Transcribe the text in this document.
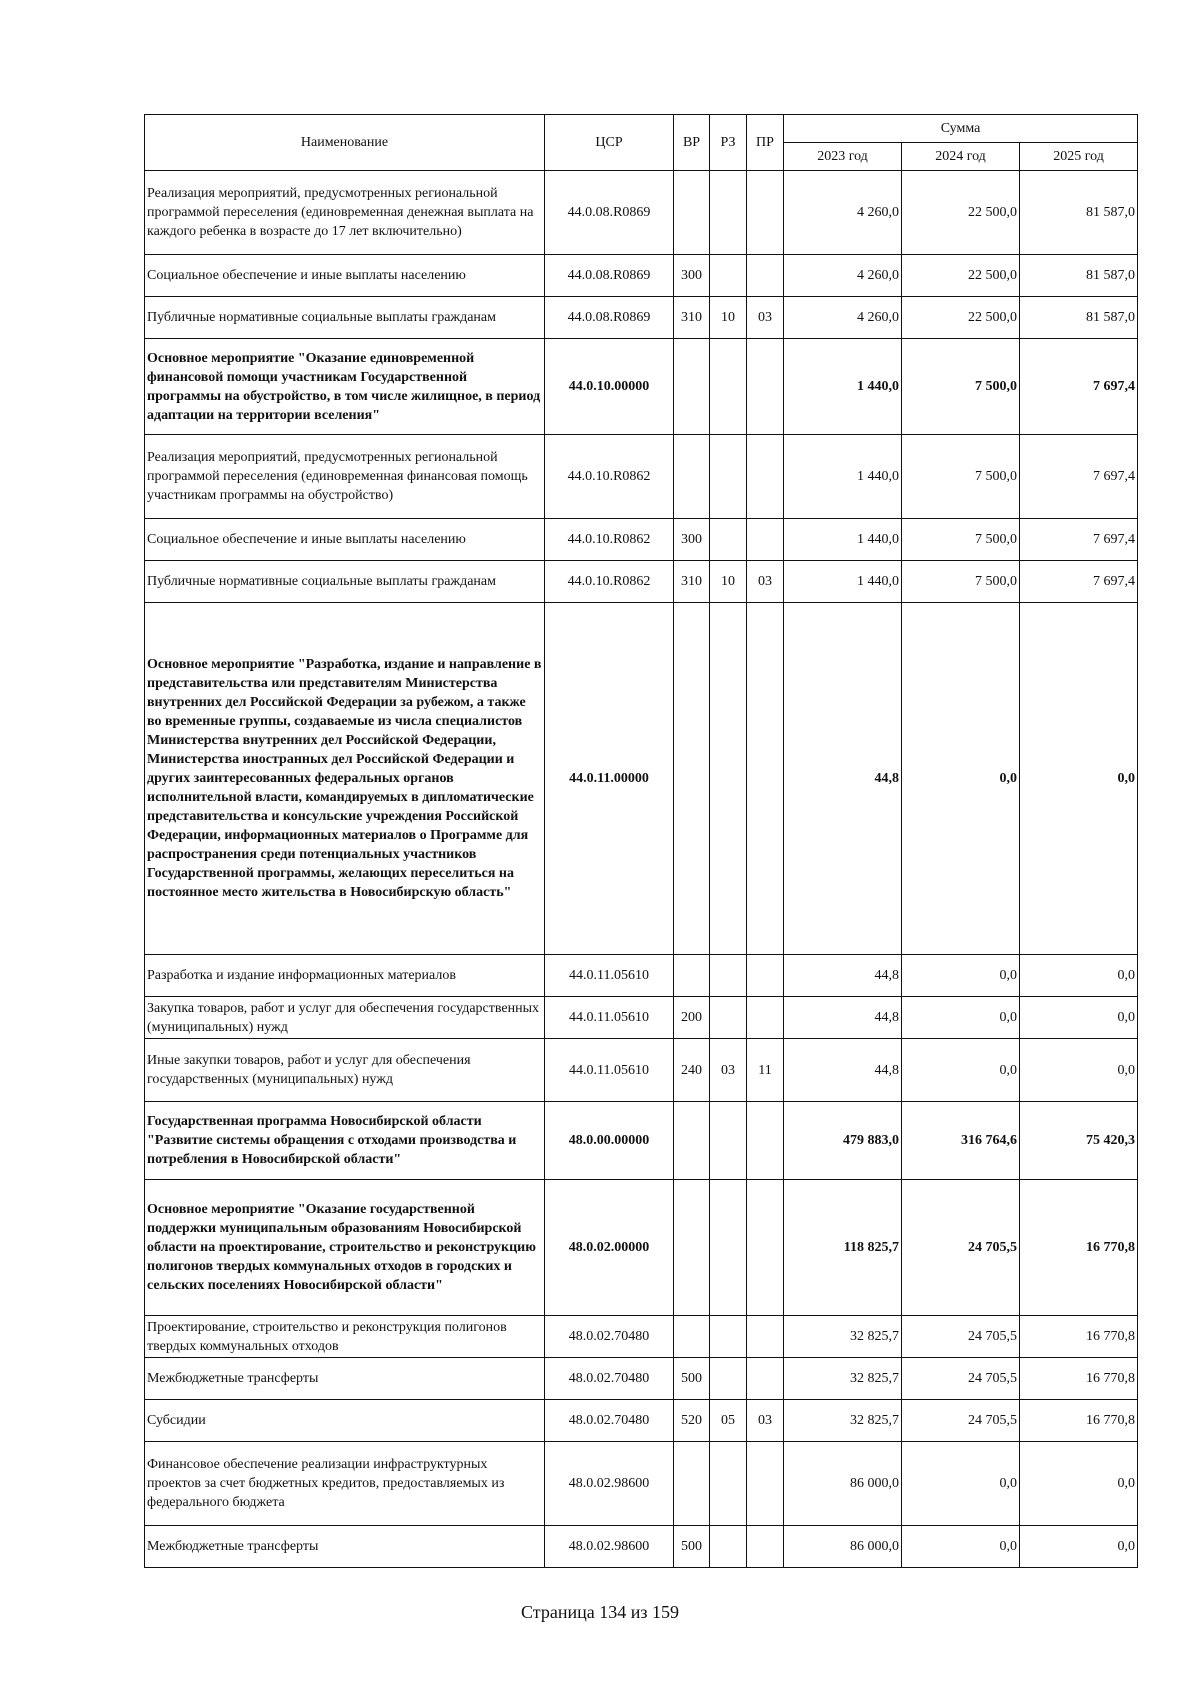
Наименование	ЦСР	ВР	РЗ	ПР	Сумма		
					2023 год	2024 год	2025 год
Реализация мероприятий, предусмотренных региональной программой переселения (единовременная денежная выплата на каждого ребенка в возрасте до 17 лет включительно)	44.0.08.R0869				4 260,0	22 500,0	81 587,0
Социальное обеспечение и иные выплаты населению	44.0.08.R0869	300			4 260,0	22 500,0	81 587,0
Публичные нормативные социальные выплаты гражданам	44.0.08.R0869	310	10	03	4 260,0	22 500,0	81 587,0
Основное мероприятие "Оказание единовременной финансовой помощи участникам Государственной программы на обустройство, в том числе жилищное, в период адаптации на территории вселения"	44.0.10.00000				1 440,0	7 500,0	7 697,4
Реализация мероприятий, предусмотренных региональной программой переселения (единовременная финансовая помощь участникам программы на обустройство)	44.0.10.R0862				1 440,0	7 500,0	7 697,4
Социальное обеспечение и иные выплаты населению	44.0.10.R0862	300			1 440,0	7 500,0	7 697,4
Публичные нормативные социальные выплаты гражданам	44.0.10.R0862	310	10	03	1 440,0	7 500,0	7 697,4
Основное мероприятие "Разработка, издание и направление в представительства или представителям Министерства внутренних дел Российской Федерации за рубежом, а также во временные группы, создаваемые из числа специалистов Министерства внутренних дел Российской Федерации, Министерства иностранных дел Российской Федерации и других заинтересованных федеральных органов исполнительной власти, командируемых в дипломатические представительства и консульские учреждения Российской Федерации, информационных материалов о Программе для распространения среди потенциальных участников Государственной программы, желающих переселиться на постоянное место жительства в Новосибирскую область"	44.0.11.00000				44,8	0,0	0,0
Разработка и издание информационных материалов	44.0.11.05610				44,8	0,0	0,0
Закупка товаров, работ и услуг для обеспечения государственных (муниципальных) нужд	44.0.11.05610	200			44,8	0,0	0,0
Иные закупки товаров, работ и услуг для обеспечения государственных (муниципальных) нужд	44.0.11.05610	240	03	11	44,8	0,0	0,0
Государственная программа Новосибирской области "Развитие системы обращения с отходами производства и потребления в Новосибирской области"	48.0.00.00000				479 883,0	316 764,6	75 420,3
Основное мероприятие "Оказание государственной поддержки муниципальным образованиям Новосибирской области на проектирование, строительство и реконструкцию полигонов твердых коммунальных отходов в городских и сельских поселениях Новосибирской области"	48.0.02.00000				118 825,7	24 705,5	16 770,8
Проектирование, строительство и реконструкция полигонов твердых коммунальных отходов	48.0.02.70480				32 825,7	24 705,5	16 770,8
Межбюджетные трансферты	48.0.02.70480	500			32 825,7	24 705,5	16 770,8
Субсидии	48.0.02.70480	520	05	03	32 825,7	24 705,5	16 770,8
Финансовое обеспечение реализации инфраструктурных проектов за счет бюджетных кредитов, предоставляемых из федерального бюджета	48.0.02.98600				86 000,0	0,0	0,0
Межбюджетные трансферты	48.0.02.98600	500			86 000,0	0,0	0,0
Страница 134 из 159
